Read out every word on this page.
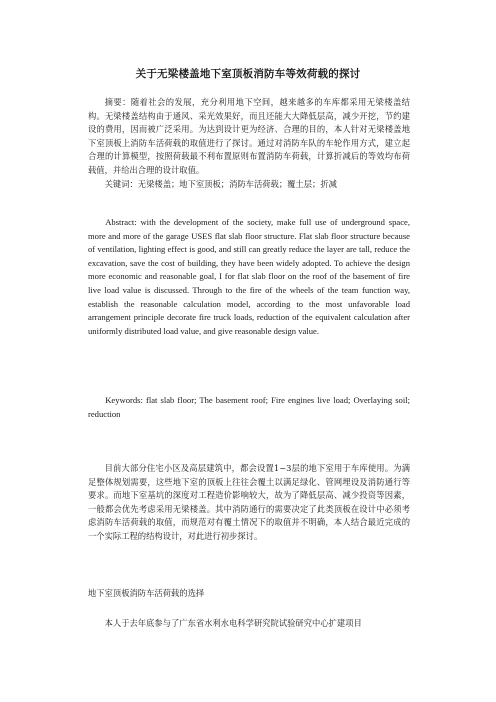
关于无梁楼盖地下室顶板消防车等效荷载的探讨
摘要：随着社会的发展，充分利用地下空间，越来越多的车库都采用无梁楼盖结构。无梁楼盖结构由于通风、采光效果好，而且还能大大降低层高，减少开挖，节约建设的费用，因而被广泛采用。为达到设计更为经济、合理的目的，本人针对无梁楼盖地下室顶板上消防车活荷载的取值进行了探讨。通过对消防车队的车轮作用方式，建立起合理的计算模型，按照荷载最不利布置原则布置消防车荷载，计算折减后的等效均布荷载值，并给出合理的设计取值。
关键词：无梁楼盖；地下室顶板；消防车活荷载；覆土层；折减
Abstract: with the development of the society, make full use of underground space, more and more of the garage USES flat slab floor structure. Flat slab floor structure because of ventilation, lighting effect is good, and still can greatly reduce the layer are tall, reduce the excavation, save the cost of building, they have been widely adopted. To achieve the design more economic and reasonable goal, I for flat slab floor on the roof of the basement of fire live load value is discussed. Through to the fire of the wheels of the team function way, establish the reasonable calculation model, according to the most unfavorable load arrangement principle decorate fire truck loads, reduction of the equivalent calculation after uniformly distributed load value, and give reasonable design value.
Keywords: flat slab floor; The basement roof; Fire engines live load; Overlaying soil; reduction
目前大部分住宅小区及高层建筑中，都会设置1~3层的地下室用于车库使用。为满足整体规划需要，这些地下室的顶板上往往会覆土以满足绿化、管网埋设及消防通行等要求。而地下室基坑的深度对工程造价影响较大，故为了降低层高、减少投资等因素，一般都会优先考虑采用无梁楼盖。其中消防通行的需要决定了此类顶板在设计中必须考虑消防车活荷载的取值，而规范对有覆土情况下的取值并不明确，本人结合最近完成的一个实际工程的结构设计，对此进行初步探讨。
地下室顶板消防车活荷载的选择
本人于去年底参与了广东省水利水电科学研究院试验研究中心扩建项目
